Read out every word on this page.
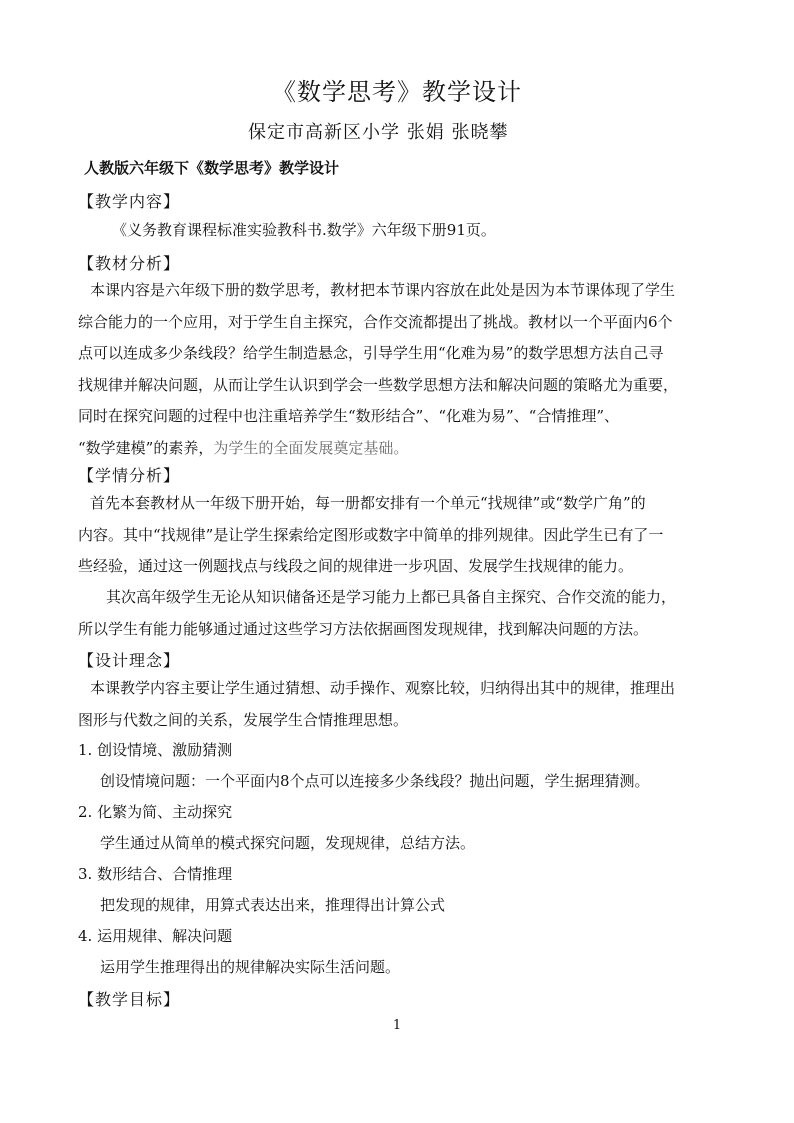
《数学思考》教学设计
保定市高新区小学 张娟 张晓攀
人教版六年级下《数学思考》教学设计
【教学内容】
《义务教育课程标准实验教科书.数学》六年级下册91页。
【教材分析】
本课内容是六年级下册的数学思考，教材把本节课内容放在此处是因为本节课体现了学生
综合能力的一个应用，对于学生自主探究，合作交流都提出了挑战。教材以一个平面内6个
点可以连成多少条线段？给学生制造悬念，引导学生用“化难为易”的数学思想方法自己寻
找规律并解决问题，从而让学生认识到学会一些数学思想方法和解决问题的策略尤为重要，
同时在探究问题的过程中也注重培养学生“数形结合”、“化难为易”、“合情推理”、
“数学建模”的素养，为学生的全面发展奠定基础。
【学情分析】
首先本套教材从一年级下册开始，每一册都安排有一个单元“找规律”或“数学广角”的
内容。其中“找规律”是让学生探索给定图形或数字中简单的排列规律。因此学生已有了一
些经验，通过这一例题找点与线段之间的规律进一步巩固、发展学生找规律的能力。
其次高年级学生无论从知识储备还是学习能力上都已具备自主探究、合作交流的能力，
所以学生有能力能够通过通过这些学习方法依据画图发现规律，找到解决问题的方法。
【设计理念】
本课教学内容主要让学生通过猜想、动手操作、观察比较，归纳得出其中的规律，推理出
图形与代数之间的关系，发展学生合情推理思想。
1. 创设情境、激励猜测
创设情境问题：一个平面内8个点可以连接多少条线段？抛出问题，学生据理猜测。
2. 化繁为简、主动探究
学生通过从简单的模式探究问题，发现规律，总结方法。
3. 数形结合、合情推理
把发现的规律，用算式表达出来，推理得出计算公式
4. 运用规律、解决问题
运用学生推理得出的规律解决实际生活问题。
【教学目标】
1
